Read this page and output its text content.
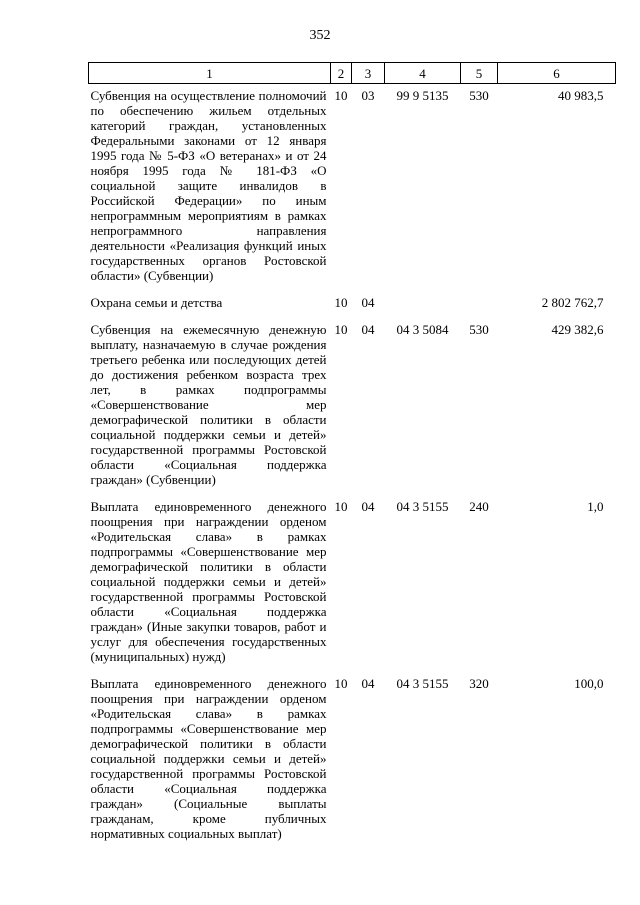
352
1	2	3	4	5	6
Субвенция на осуществление полномочий по обеспечению жильем отдельных категорий граждан, установленных Федеральными законами от 12 января 1995 года № 5-ФЗ «О ветеранах» и от 24 ноября 1995 года № 181-ФЗ «О социальной защите инвалидов в Российской Федерации» по иным непрограммным мероприятиям в рамках непрограммного направления деятельности «Реализация функций иных государственных органов Ростовской области» (Субвенции)	10	03	99 9 5135	530	40 983,5
Охрана семьи и детства	10	04			2 802 762,7
Субвенция на ежемесячную денежную выплату, назначаемую в случае рождения третьего ребенка или последующих детей до достижения ребенком возраста трех лет, в рамках подпрограммы «Совершенствование мер демографической политики в области социальной поддержки семьи и детей» государственной программы Ростовской области «Социальная поддержка граждан» (Субвенции)	10	04	04 3 5084	530	429 382,6
Выплата единовременного денежного поощрения при награждении орденом «Родительская слава» в рамках подпрограммы «Совершенствование мер демографической политики в области социальной поддержки семьи и детей» государственной программы Ростовской области «Социальная поддержка граждан» (Иные закупки товаров, работ и услуг для обеспечения государственных (муниципальных) нужд)	10	04	04 3 5155	240	1,0
Выплата единовременного денежного поощрения при награждении орденом «Родительская слава» в рамках подпрограммы «Совершенствование мер демографической политики в области социальной поддержки семьи и детей» государственной программы Ростовской области «Социальная поддержка граждан» (Социальные выплаты гражданам, кроме публичных нормативных социальных выплат)	10	04	04 3 5155	320	100,0
